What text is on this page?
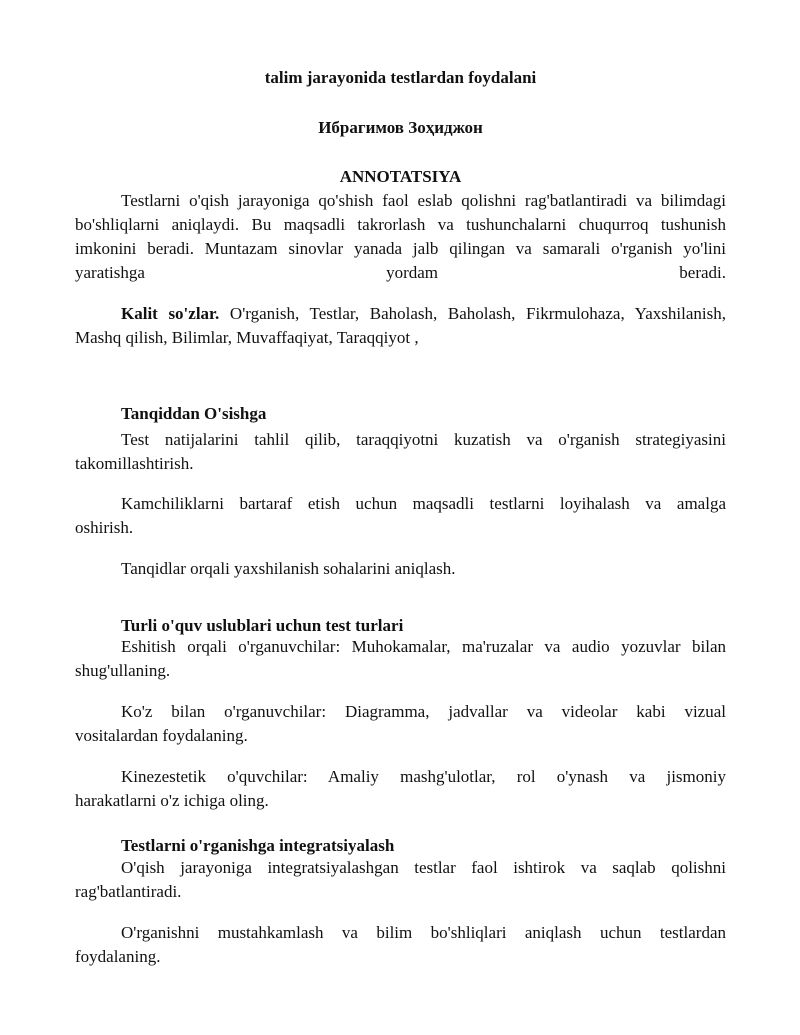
talim jarayonida testlardan foydalani
Ибрагимов Зоҳиджон
ANNOTATSIYA
Testlarni o'qish jarayoniga qo'shish faol eslab qolishni rag'batlantiradi va bilimdagi
bo'shliqlarni aniqlaydi. Bu maqsadli takrorlash va tushunchalarni chuqurroq tushunish
imkonini beradi. Muntazam sinovlar yanada jalb qilingan va samarali o'rganish yo'lini
yaratishga yordam beradi.
Kalit so'zlar. O'rganish, Testlar, Baholash, Baholash, Fikrmulohaza, Yaxshilanish,
Mashq qilish, Bilimlar, Muvaffaqiyat, Taraqqiyot ,
Tanqiddan O'sishga
Test natijalarini tahlil qilib, taraqqiyotni kuzatish va o'rganish strategiyasini
takomillashtirish.
Kamchiliklarni bartaraf etish uchun maqsadli testlarni loyihalash va amalga
oshirish.
Tanqidlar orqali yaxshilanish sohalarini aniqlash.
Turli o'quv uslublari uchun test turlari
Eshitish orqali o'rganuvchilar: Muhokamalar, ma'ruzalar va audio yozuvlar bilan
shug'ullaning.
Ko'z bilan o'rganuvchilar: Diagramma, jadvallar va videolar kabi vizual
vositalardan foydalaning.
Kinezestetik o'quvchilar: Amaliy mashg'ulotlar, rol o'ynash va jismoniy
harakatlarni o'z ichiga oling.
Testlarni o'rganishga integratsiyalash
O'qish jarayoniga integratsiyalashgan testlar faol ishtirok va saqlab qolishni
rag'batlantiradi.
O'rganishni mustahkamlash va bilim bo'shliqlari aniqlash uchun testlardan
foydalaning.
